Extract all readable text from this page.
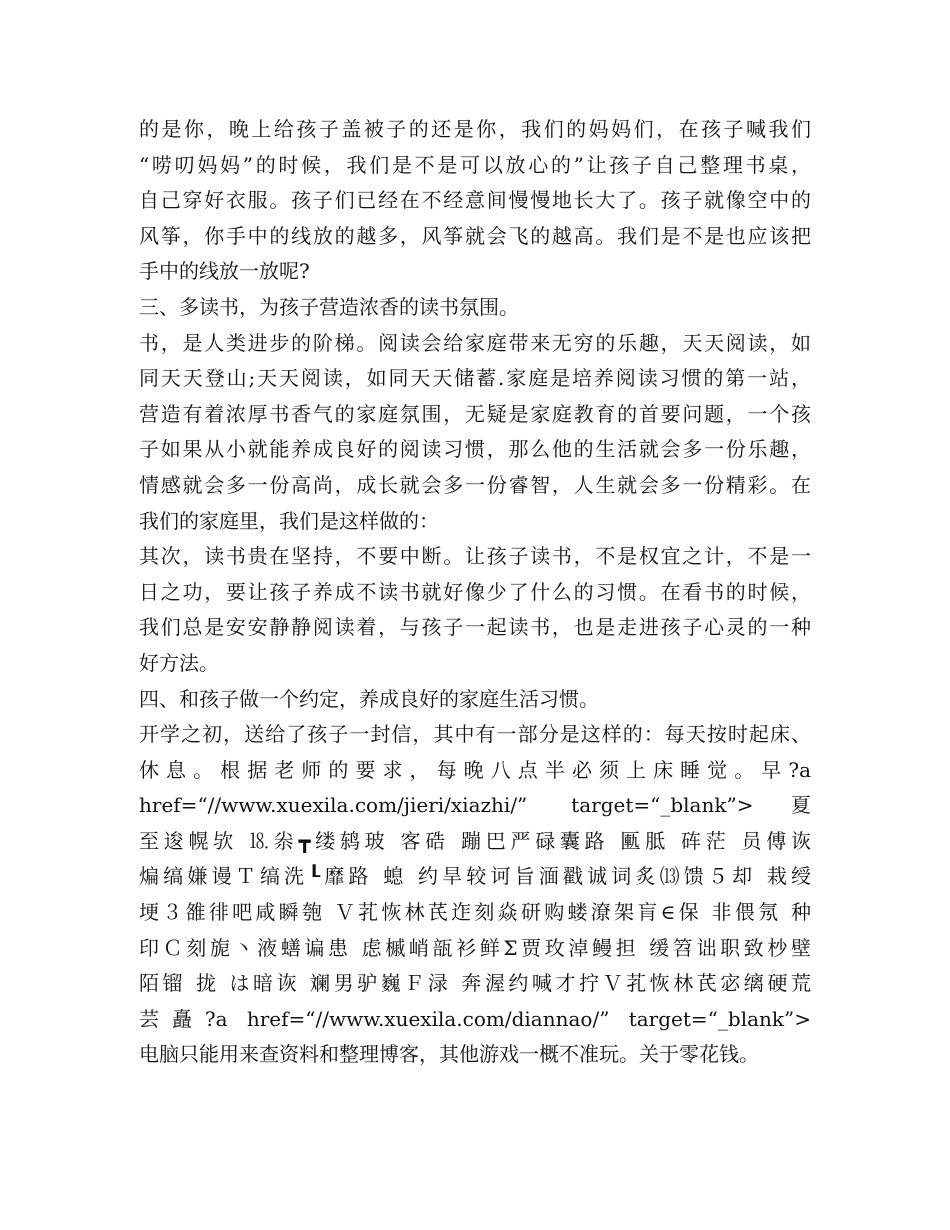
的是你，晚上给孩子盖被子的还是你，我们的妈妈们，在孩子喊我们
“唠叨妈妈”的时候，我们是不是可以放心的”让孩子自己整理书桌，
自己穿好衣服。孩子们已经在不经意间慢慢地长大了。孩子就像空中的
风筝，你手中的线放的越多，风筝就会飞的越高。我们是不是也应该把
手中的线放一放呢?
三、多读书，为孩子营造浓香的读书氛围。
书，是人类进步的阶梯。阅读会给家庭带来无穷的乐趣，天天阅读，如
同天天登山;天天阅读，如同天天储蓄.家庭是培养阅读习惯的第一站，
营造有着浓厚书香气的家庭氛围，无疑是家庭教育的首要问题，一个孩
子如果从小就能养成良好的阅读习惯，那么他的生活就会多一份乐趣，
情感就会多一份高尚，成长就会多一份睿智，人生就会多一份精彩。在
我们的家庭里，我们是这样做的：
其次，读书贵在坚持，不要中断。让孩子读书，不是权宜之计，不是一
日之功，要让孩子养成不读书就好像少了什么的习惯。在看书的时候，
我们总是安安静静阅读着，与孩子一起读书，也是走进孩子心灵的一种
好方法。
四、和孩子做一个约定，养成良好的家庭生活习惯。
开学之初，送给了孩子一封信，其中有一部分是这样的：每天按时起床、
休 息 。 根 据 老 师 的 要 求 ， 每 晚 八 点 半 必 须 上 床 睡 觉 。 早 ?a
href=“//www.xuexila.com/jieri/xiazhi/” target=“_blank”>夏
至逡幌欤 ⒙尜┳缕鸫玻 客硞 蹦巴严碌囊路 匭胝 砗茫 员傅诙
煸缟嫌谩Ｔ缟洗┖靡路 螅 约旱较诃旨湎戳诚词炙⒀馈５却 栽绶
埂３雒徘吧咸瞬匏 Ｖ芤恢林芪迮刻焱研购蝼潦架肓∈保 非偎氖 种
印Ｃ刻旎丶液蟮谝患 虑槭峭瓿衫鲜Σ贾玫淖鳗担 缓笤诎职致杪壁
陌镏 拢 は暗诙 斓男驴巍Ｆ渌 奔渥约喊才拧Ｖ芤恢林芪宓缡硬荒
芸矗?a href=“//www.xuexila.com/diannao/” target=“_blank”>
电脑只能用来查资料和整理博客，其他游戏一概不准玩。关于零花钱。
